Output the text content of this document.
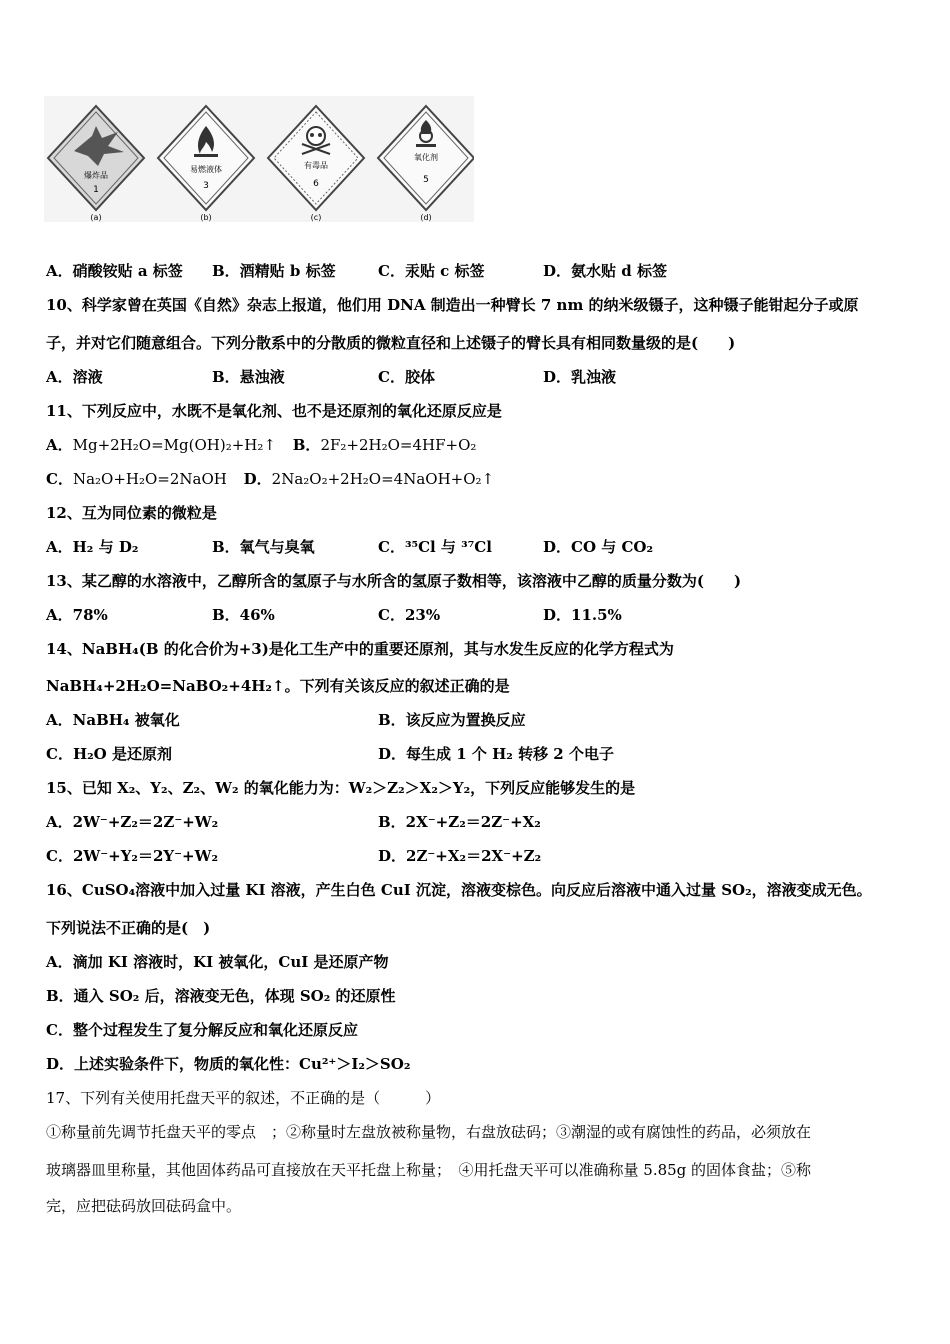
爆炸品
1
(a)
易燃液体
3
(b)
有毒品
6
(c)
氧化剂
5
(d)
A．硝酸铵贴 a 标签 B．酒精贴 b 标签	C．汞贴 c 标签	D．氨水贴 d 标签
10、科学家曾在英国《自然》杂志上报道，他们用 DNA 制造出一种臂长 7 nm 的纳米级镊子，这种镊子能钳起分子或原
子，并对它们随意组合。下列分散系中的分散质的微粒直径和上述镊子的臂长具有相同数量级的是(　　)
A．溶液	B．悬浊液	C．胶体	D．乳浊液
11、下列反应中，水既不是氧化剂、也不是还原剂的氧化还原反应是
A．Mg+2H₂O=Mg(OH)₂+H₂↑ B．2F₂+2H₂O=4HF+O₂
C．Na₂O+H₂O=2NaOH D．2Na₂O₂+2H₂O=4NaOH+O₂↑
12、互为同位素的微粒是
A．H₂ 与 D₂	B．氧气与臭氧	C．³⁵Cl 与 ³⁷Cl	D．CO 与 CO₂
13、某乙醇的水溶液中，乙醇所含的氢原子与水所含的氢原子数相等，该溶液中乙醇的质量分数为(　　)
A．78%	B．46%	C．23%	D．11.5%
14、NaBH₄(B 的化合价为+3)是化工生产中的重要还原剂，其与水发生反应的化学方程式为
NaBH₄+2H₂O=NaBO₂+4H₂↑。下列有关该反应的叙述正确的是
A．NaBH₄ 被氧化	B．该反应为置换反应
C．H₂O 是还原剂	D．每生成 1 个 H₂ 转移 2 个电子
15、已知 X₂、Y₂、Z₂、W₂ 的氧化能力为：W₂＞Z₂＞X₂＞Y₂，下列反应能够发生的是
A．2W⁻+Z₂＝2Z⁻+W₂	B．2X⁻+Z₂＝2Z⁻+X₂
C．2W⁻+Y₂＝2Y⁻+W₂	D．2Z⁻+X₂＝2X⁻+Z₂
16、CuSO₄溶液中加入过量 KI 溶液，产生白色 CuI 沉淀，溶液变棕色。向反应后溶液中通入过量 SO₂，溶液变成无色。
下列说法不正确的是(　)
A．滴加 KI 溶液时，KI 被氧化，CuI 是还原产物
B．通入 SO₂ 后，溶液变无色，体现 SO₂ 的还原性
C．整个过程发生了复分解反应和氧化还原反应
D．上述实验条件下，物质的氧化性：Cu²⁺＞I₂＞SO₂
17、下列有关使用托盘天平的叙述，不正确的是（　　　）
①称量前先调节托盘天平的零点　；②称量时左盘放被称量物，右盘放砝码；③潮湿的或有腐蚀性的药品，必须放在
玻璃器皿里称量，其他固体药品可直接放在天平托盘上称量；　④用托盘天平可以准确称量 5.85g 的固体食盐；⑤称
完，应把砝码放回砝码盒中。
